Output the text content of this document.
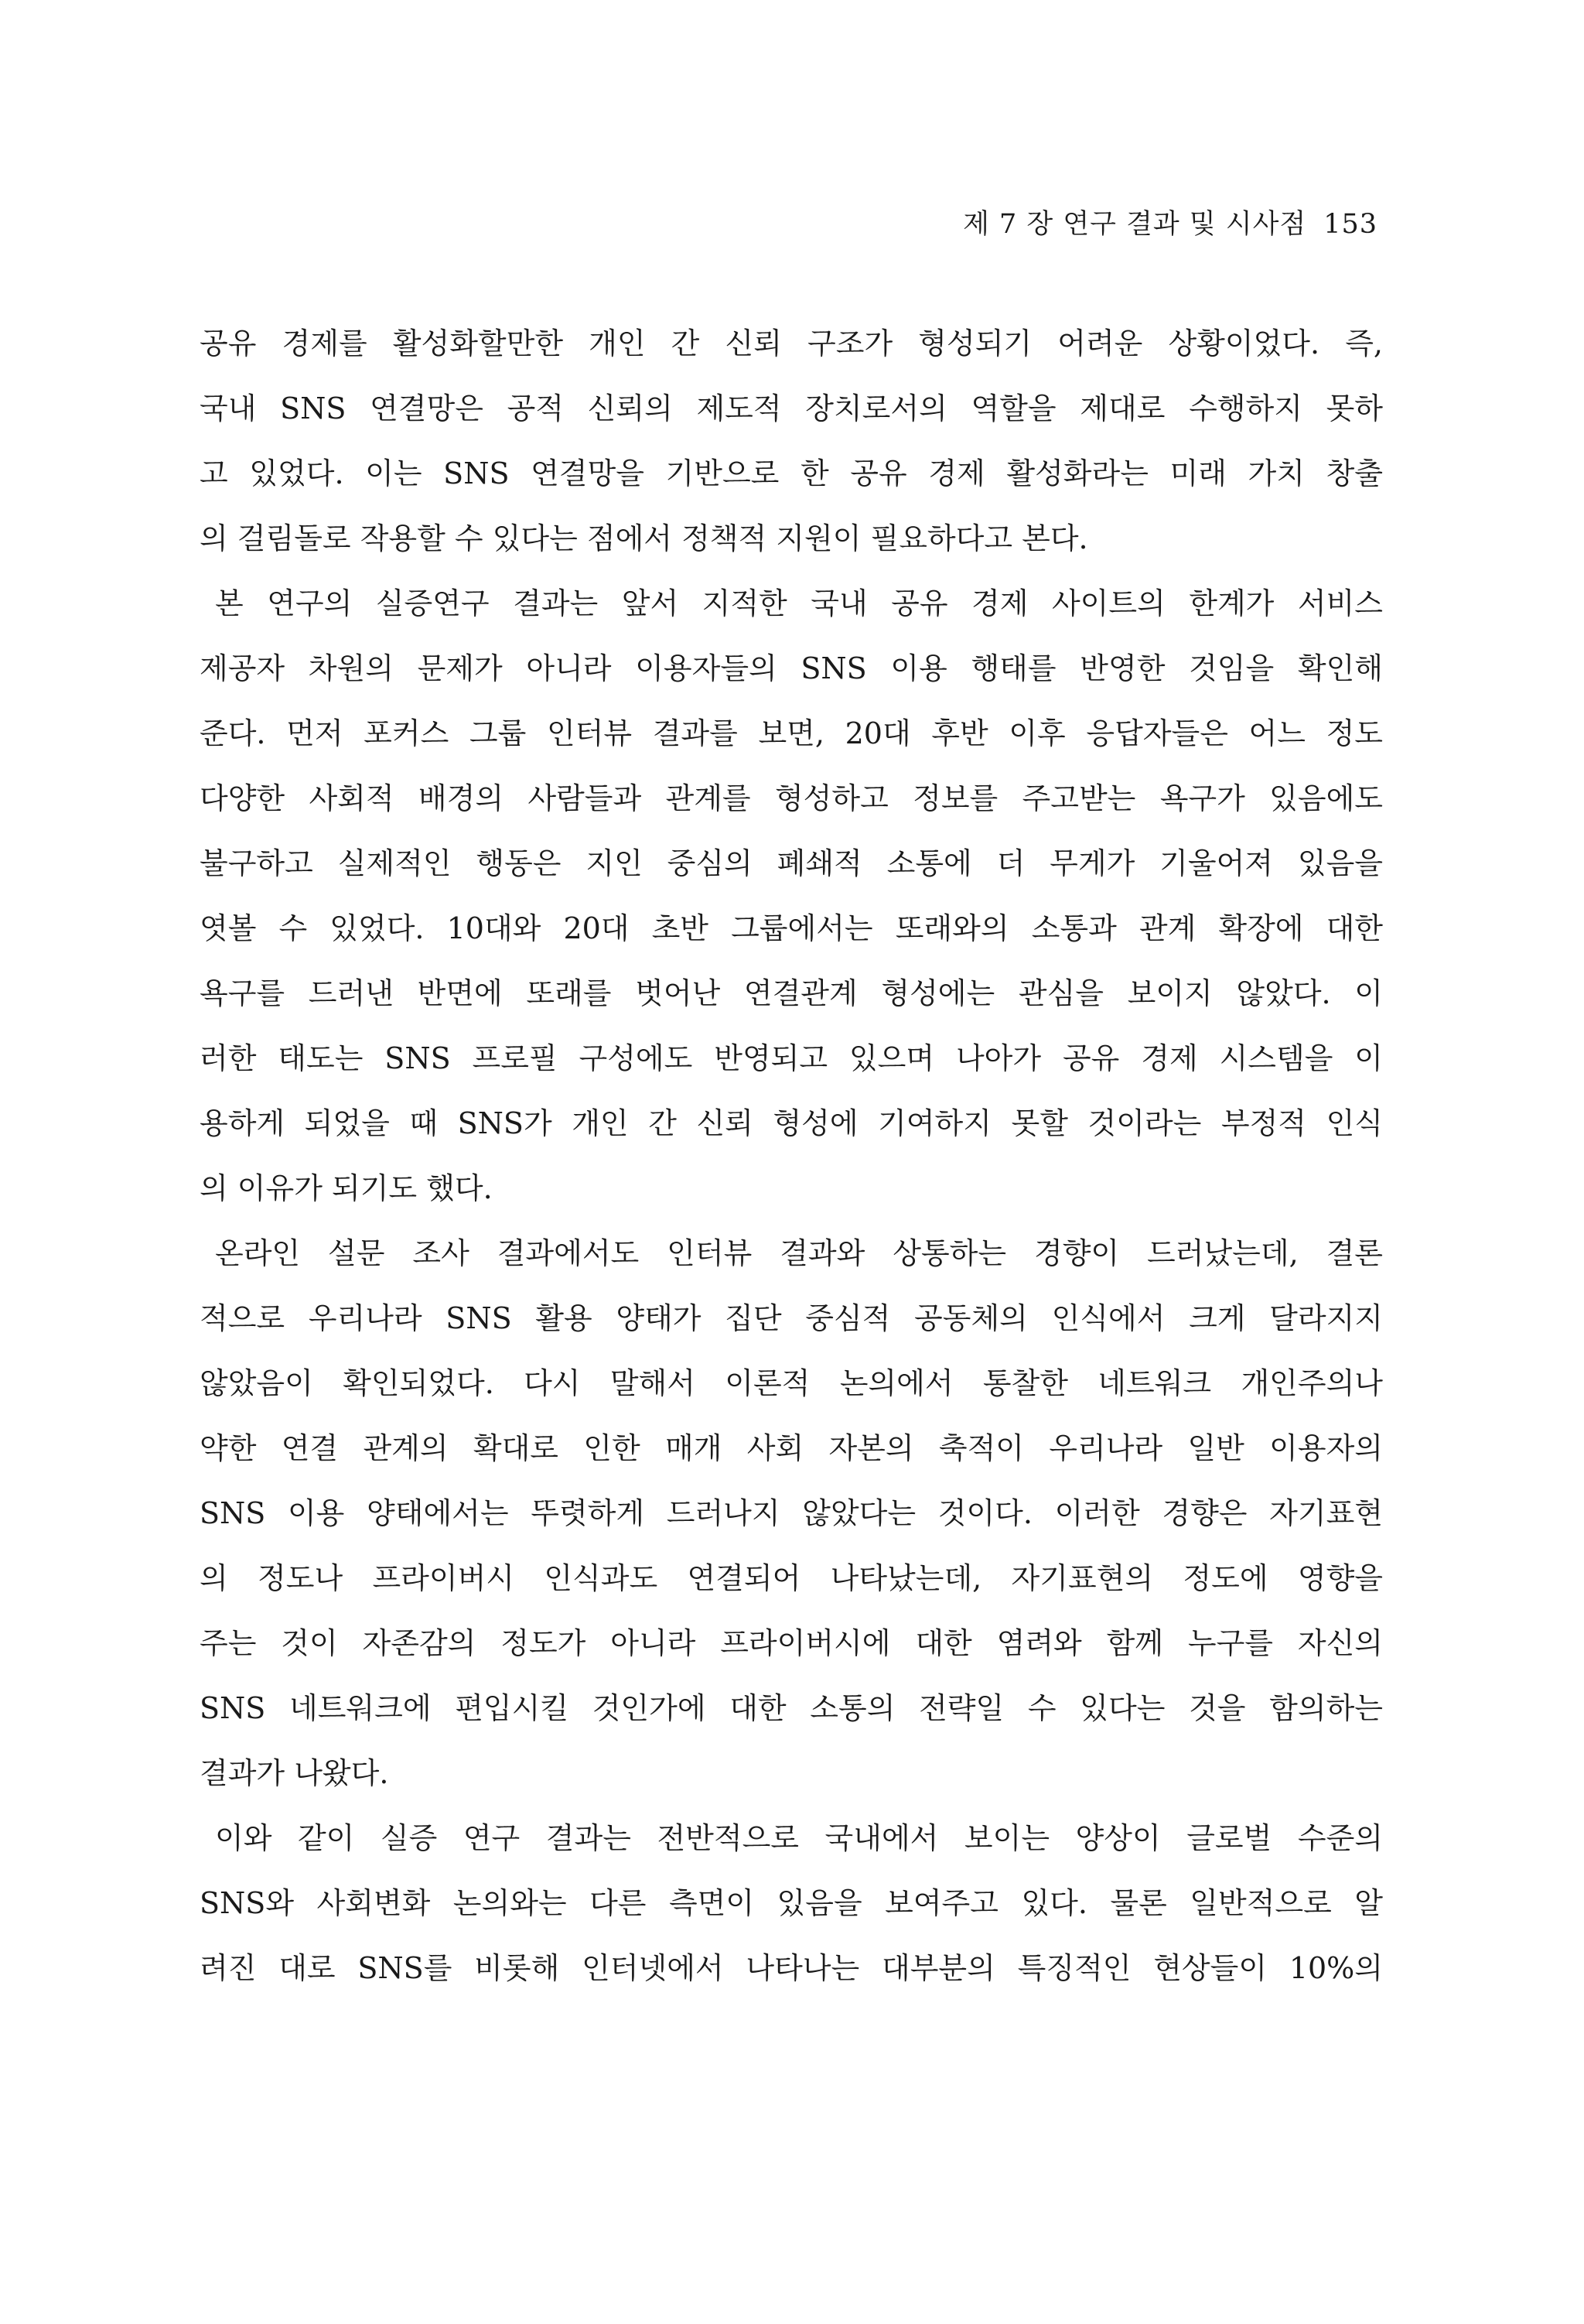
제 7 장 연구 결과 및 시사점 153
공유 경제를 활성화할만한 개인 간 신뢰 구조가 형성되기 어려운 상황이었다. 즉,
국내 SNS 연결망은 공적 신뢰의 제도적 장치로서의 역할을 제대로 수행하지 못하
고 있었다. 이는 SNS 연결망을 기반으로 한 공유 경제 활성화라는 미래 가치 창출
의 걸림돌로 작용할 수 있다는 점에서 정책적 지원이 필요하다고 본다.
본 연구의 실증연구 결과는 앞서 지적한 국내 공유 경제 사이트의 한계가 서비스
제공자 차원의 문제가 아니라 이용자들의 SNS 이용 행태를 반영한 것임을 확인해
준다. 먼저 포커스 그룹 인터뷰 결과를 보면, 20대 후반 이후 응답자들은 어느 정도
다양한 사회적 배경의 사람들과 관계를 형성하고 정보를 주고받는 욕구가 있음에도
불구하고 실제적인 행동은 지인 중심의 폐쇄적 소통에 더 무게가 기울어져 있음을
엿볼 수 있었다. 10대와 20대 초반 그룹에서는 또래와의 소통과 관계 확장에 대한
욕구를 드러낸 반면에 또래를 벗어난 연결관계 형성에는 관심을 보이지 않았다. 이
러한 태도는 SNS 프로필 구성에도 반영되고 있으며 나아가 공유 경제 시스템을 이
용하게 되었을 때 SNS가 개인 간 신뢰 형성에 기여하지 못할 것이라는 부정적 인식
의 이유가 되기도 했다.
온라인 설문 조사 결과에서도 인터뷰 결과와 상통하는 경향이 드러났는데, 결론
적으로 우리나라 SNS 활용 양태가 집단 중심적 공동체의 인식에서 크게 달라지지
않았음이 확인되었다. 다시 말해서 이론적 논의에서 통찰한 네트워크 개인주의나
약한 연결 관계의 확대로 인한 매개 사회 자본의 축적이 우리나라 일반 이용자의
SNS 이용 양태에서는 뚜렷하게 드러나지 않았다는 것이다. 이러한 경향은 자기표현
의 정도나 프라이버시 인식과도 연결되어 나타났는데, 자기표현의 정도에 영향을
주는 것이 자존감의 정도가 아니라 프라이버시에 대한 염려와 함께 누구를 자신의
SNS 네트워크에 편입시킬 것인가에 대한 소통의 전략일 수 있다는 것을 함의하는
결과가 나왔다.
이와 같이 실증 연구 결과는 전반적으로 국내에서 보이는 양상이 글로벌 수준의
SNS와 사회변화 논의와는 다른 측면이 있음을 보여주고 있다. 물론 일반적으로 알
려진 대로 SNS를 비롯해 인터넷에서 나타나는 대부분의 특징적인 현상들이 10%의
